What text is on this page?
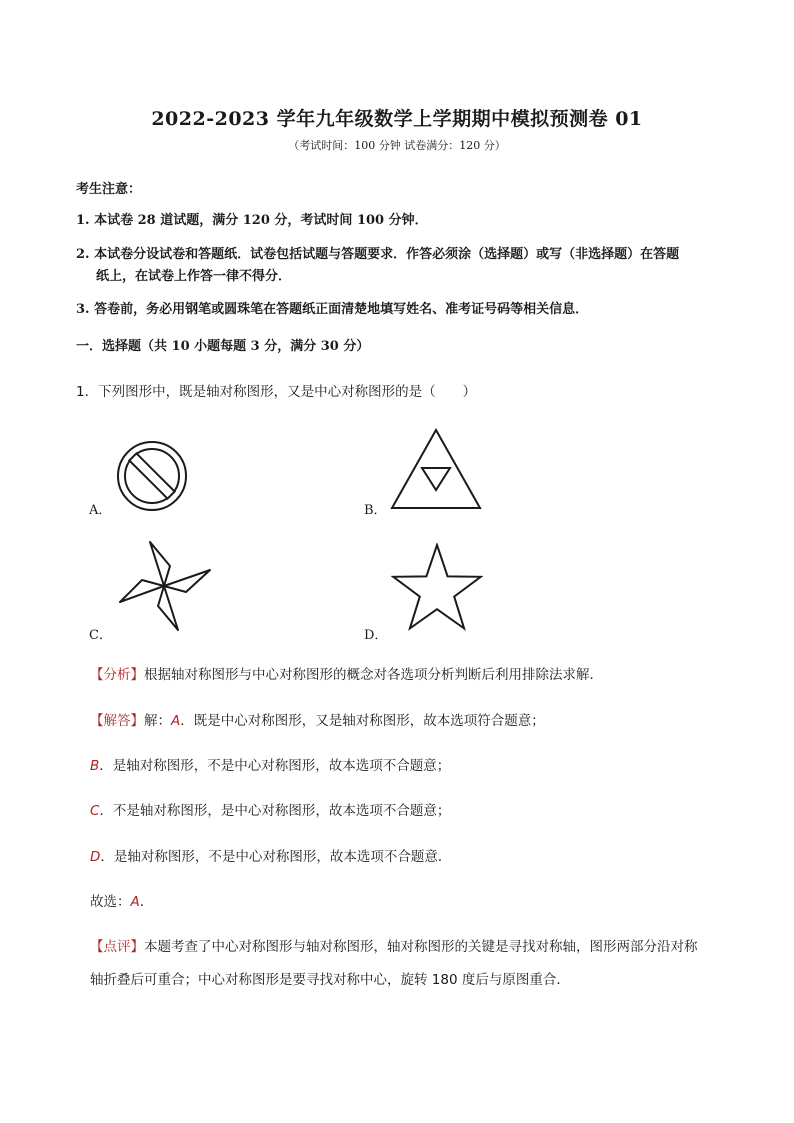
2022-2023 学年九年级数学上学期期中模拟预测卷 01
（考试时间：100 分钟 试卷满分：120 分）
考生注意：
1. 本试卷 28 道试题，满分 120 分，考试时间 100 分钟．
2. 本试卷分设试卷和答题纸．试卷包括试题与答题要求．作答必须涂（选择题）或写（非选择题）在答题
纸上，在试卷上作答一律不得分．
3. 答卷前，务必用钢笔或圆珠笔在答题纸正面清楚地填写姓名、准考证号码等相关信息．
一．选择题（共 10 小题每题 3 分，满分 30 分）
1．下列图形中，既是轴对称图形，又是中心对称图形的是（　　）
A．	B．
C．	D．
【分析】根据轴对称图形与中心对称图形的概念对各选项分析判断后利用排除法求解．
【解答】解：A．既是中心对称图形，又是轴对称图形，故本选项符合题意；
B．是轴对称图形，不是中心对称图形，故本选项不合题意；
C．不是轴对称图形，是中心对称图形，故本选项不合题意；
D．是轴对称图形，不是中心对称图形，故本选项不合题意．
故选：A．
【点评】本题考查了中心对称图形与轴对称图形，轴对称图形的关键是寻找对称轴，图形两部分沿对称
轴折叠后可重合；中心对称图形是要寻找对称中心，旋转 180 度后与原图重合．
